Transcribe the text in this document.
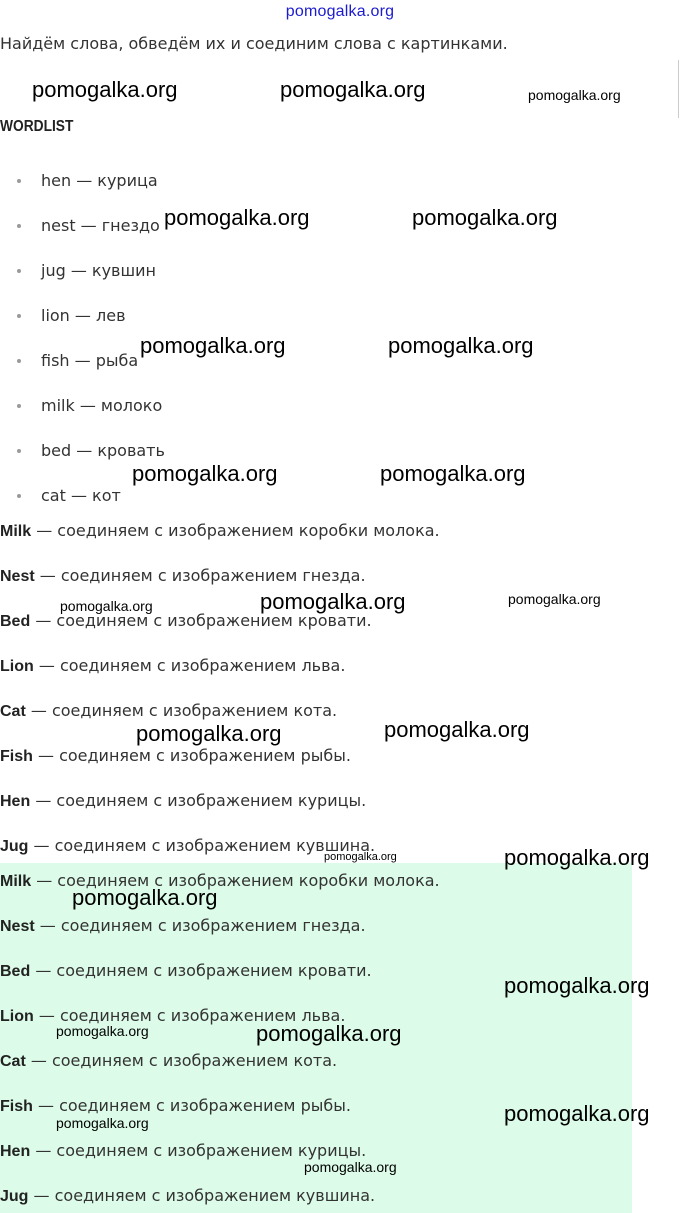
pomogalka.org
Найдём слова, обведём их и соединим слова с картинками.
WORDLIST
hen — курица
nest — гнездо
jug — кувшин
lion — лев
fish — рыба
milk — молоко
bed — кровать
cat — кот
Milk — соединяем с изображением коробки молока.
Nest — соединяем с изображением гнезда.
Bed — соединяем с изображением кровати.
Lion — соединяем с изображением льва.
Cat — соединяем с изображением кота.
Fish — соединяем с изображением рыбы.
Hen — соединяем с изображением курицы.
Jug — соединяем с изображением кувшина.
Milk — соединяем с изображением коробки молока.
Nest — соединяем с изображением гнезда.
Bed — соединяем с изображением кровати.
Lion — соединяем с изображением льва.
Cat — соединяем с изображением кота.
Fish — соединяем с изображением рыбы.
Hen — соединяем с изображением курицы.
Jug — соединяем с изображением кувшина.
pomogalka.org	pomogalka.org	pomogalka.org
pomogalka.org	pomogalka.org
pomogalka.org	pomogalka.org
pomogalka.org	pomogalka.org
pomogalka.org	pomogalka.org	pomogalka.org
pomogalka.org	pomogalka.org
pomogalka.org	pomogalka.org
pomogalka.org
pomogalka.org
pomogalka.org	pomogalka.org
pomogalka.org
pomogalka.org
pomogalka.org
